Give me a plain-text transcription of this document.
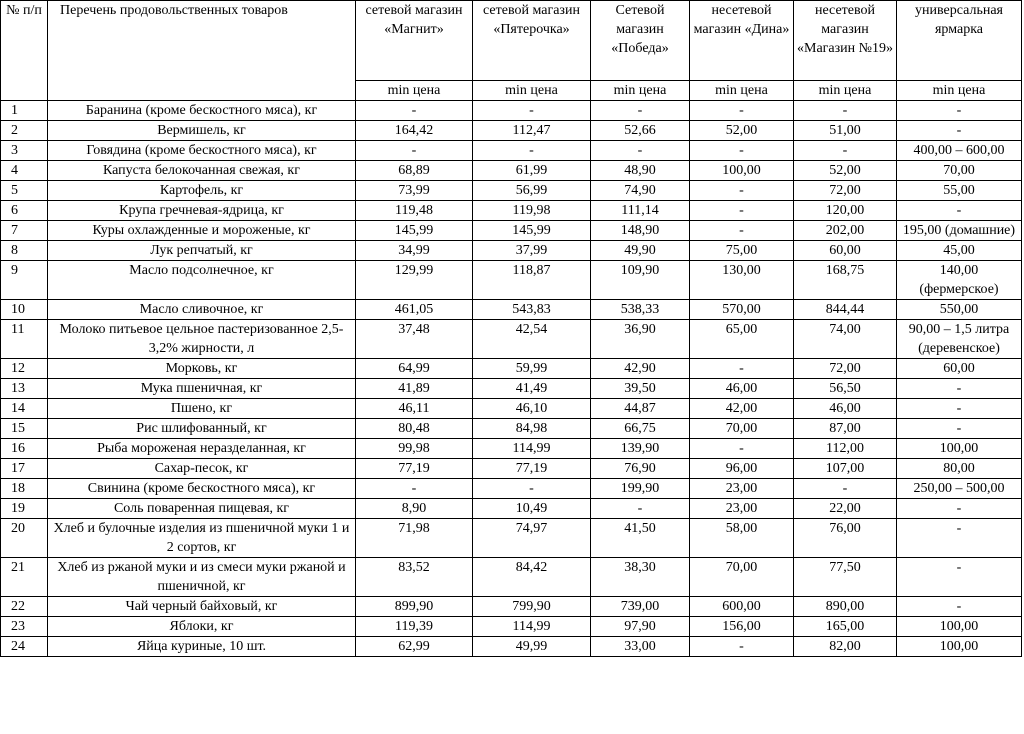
№ п/п	Перечень продовольственных товаров	сетевой магазин «Магнит»	сетевой магазин «Пятерочка»	Сетевой магазин «Победа»	несетевой магазин «Дина»	несетевой магазин «Магазин №19»	универсальная ярмарка
		min цена	min цена	min цена	min цена	min цена	min цена
1	Баранина (кроме бескостного мяса), кг	-	-	-	-	-	-
2	Вермишель, кг	164,42	112,47	52,66	52,00	51,00	-
3	Говядина (кроме бескостного мяса), кг	-	-	-	-	-	400,00 – 600,00
4	Капуста белокочанная свежая, кг	68,89	61,99	48,90	100,00	52,00	70,00
5	Картофель, кг	73,99	56,99	74,90	-	72,00	55,00
6	Крупа гречневая-ядрица, кг	119,48	119,98	111,14	-	120,00	-
7	Куры охлажденные и мороженые, кг	145,99	145,99	148,90	-	202,00	195,00 (домашние)
8	Лук репчатый, кг	34,99	37,99	49,90	75,00	60,00	45,00
9	Масло подсолнечное, кг	129,99	118,87	109,90	130,00	168,75	140,00 (фермерское)
10	Масло сливочное, кг	461,05	543,83	538,33	570,00	844,44	550,00
11	Молоко питьевое цельное пастеризованное 2,5-3,2% жирности, л	37,48	42,54	36,90	65,00	74,00	90,00 – 1,5 литра (деревенское)
12	Морковь, кг	64,99	59,99	42,90	-	72,00	60,00
13	Мука пшеничная, кг	41,89	41,49	39,50	46,00	56,50	-
14	Пшено, кг	46,11	46,10	44,87	42,00	46,00	-
15	Рис шлифованный, кг	80,48	84,98	66,75	70,00	87,00	-
16	Рыба мороженая неразделанная, кг	99,98	114,99	139,90	-	112,00	100,00
17	Сахар-песок, кг	77,19	77,19	76,90	96,00	107,00	80,00
18	Свинина (кроме бескостного мяса), кг	-	-	199,90	23,00	-	250,00 – 500,00
19	Соль поваренная пищевая, кг	8,90	10,49	-	23,00	22,00	-
20	Хлеб и булочные изделия из пшеничной муки 1 и 2 сортов, кг	71,98	74,97	41,50	58,00	76,00	-
21	Хлеб из ржаной муки и из смеси муки ржаной и пшеничной, кг	83,52	84,42	38,30	70,00	77,50	-
22	Чай черный байховый, кг	899,90	799,90	739,00	600,00	890,00	-
23	Яблоки, кг	119,39	114,99	97,90	156,00	165,00	100,00
24	Яйца куриные, 10 шт.	62,99	49,99	33,00	-	82,00	100,00
